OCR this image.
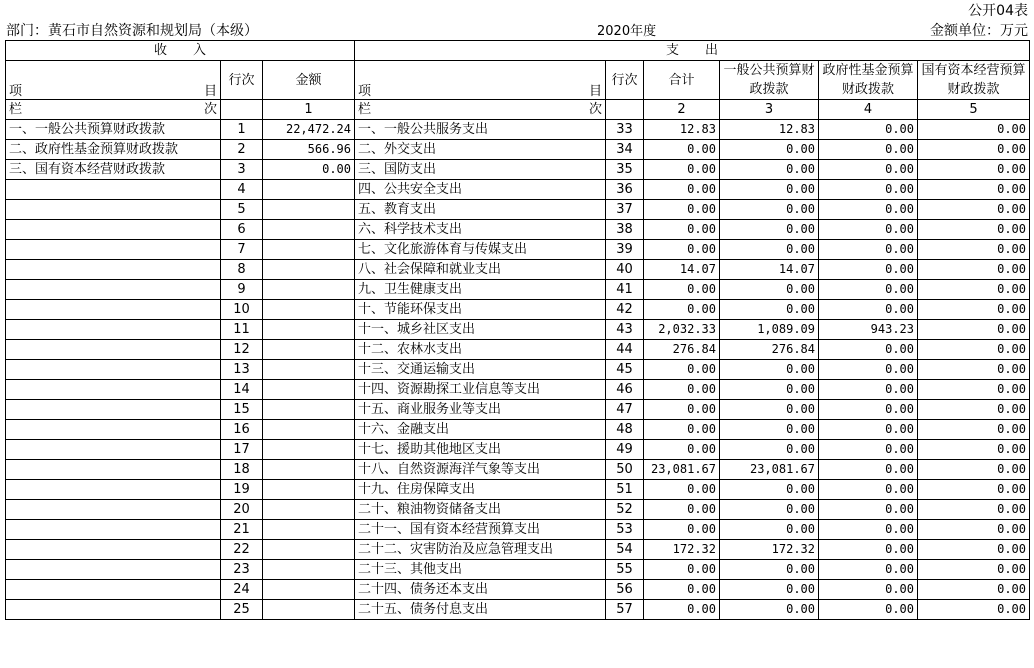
公开04表
部门：黄石市自然资源和规划局（本级）	2020年度	金额单位：万元
收　　入			支　　出					

项 目	行次	金额	项 目	行次	合计	一般公共预算财政拨款	政府性基金预算财政拨款	国有资本经营预算财政拨款

栏 次		1	栏 次		2	3	4	5
一、一般公共预算财政拨款	1	22,472.24	一、一般公共服务支出	33	12.83	12.83	0.00	0.00
二、政府性基金预算财政拨款	2	566.96	二、外交支出	34	0.00	0.00	0.00	0.00
三、国有资本经营财政拨款	3	0.00	三、国防支出	35	0.00	0.00	0.00	0.00
	4		四、公共安全支出	36	0.00	0.00	0.00	0.00
	5		五、教育支出	37	0.00	0.00	0.00	0.00
	6		六、科学技术支出	38	0.00	0.00	0.00	0.00
	7		七、文化旅游体育与传媒支出	39	0.00	0.00	0.00	0.00
	8		八、社会保障和就业支出	40	14.07	14.07	0.00	0.00
	9		九、卫生健康支出	41	0.00	0.00	0.00	0.00
	10		十、节能环保支出	42	0.00	0.00	0.00	0.00
	11		十一、城乡社区支出	43	2,032.33	1,089.09	943.23	0.00
	12		十二、农林水支出	44	276.84	276.84	0.00	0.00
	13		十三、交通运输支出	45	0.00	0.00	0.00	0.00
	14		十四、资源勘探工业信息等支出	46	0.00	0.00	0.00	0.00
	15		十五、商业服务业等支出	47	0.00	0.00	0.00	0.00
	16		十六、金融支出	48	0.00	0.00	0.00	0.00
	17		十七、援助其他地区支出	49	0.00	0.00	0.00	0.00
	18		十八、自然资源海洋气象等支出	50	23,081.67	23,081.67	0.00	0.00
	19		十九、住房保障支出	51	0.00	0.00	0.00	0.00
	20		二十、粮油物资储备支出	52	0.00	0.00	0.00	0.00
	21		二十一、国有资本经营预算支出	53	0.00	0.00	0.00	0.00
	22		二十二、灾害防治及应急管理支出	54	172.32	172.32	0.00	0.00
	23		二十三、其他支出	55	0.00	0.00	0.00	0.00
	24		二十四、债务还本支出	56	0.00	0.00	0.00	0.00
	25		二十五、债务付息支出	57	0.00	0.00	0.00	0.00
